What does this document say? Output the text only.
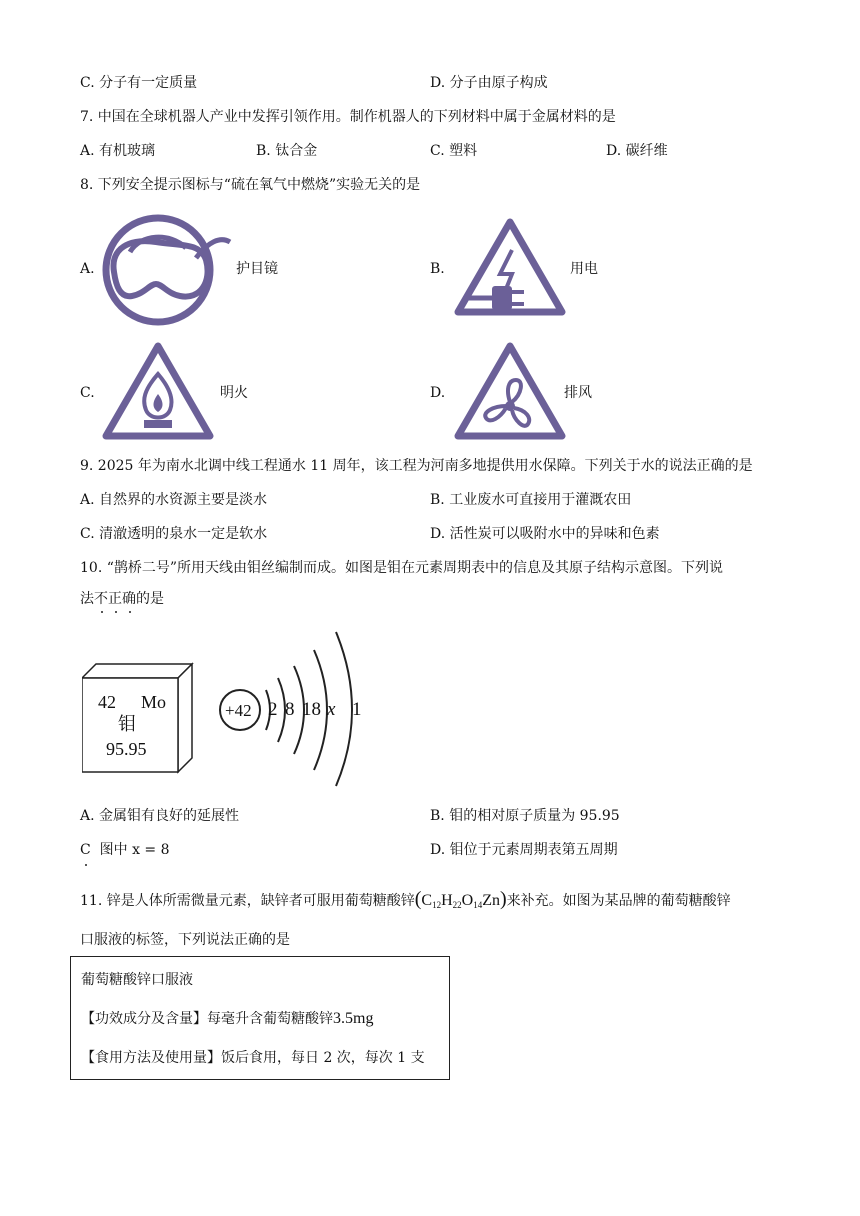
C. 分子有一定质量	D. 分子由原子构成
7. 中国在全球机器人产业中发挥引领作用。制作机器人的下列材料中属于金属材料的是
A. 有机玻璃	B. 钛合金	C. 塑料	D. 碳纤维
8. 下列安全提示图标与“硫在氧气中燃烧”实验无关的是
A.	护目镜	B.	用电
C.	明火	D.	排风
9. 2025 年为南水北调中线工程通水 11 周年，该工程为河南多地提供用水保障。下列关于水的说法正确的是
A. 自然界的水资源主要是淡水	B. 工业废水可直接用于灌溉农田
C. 清澈透明的泉水一定是软水	D. 活性炭可以吸附水中的异味和色素
10. “鹊桥二号”所用天线由钼丝编制而成。如图是钼在元素周期表中的信息及其原子结构示意图。下列说
法不
正
确
的是
42 Mo
钼
95.95
+42 2 8 18 x 1
A. 金属钼有良好的延展性	B. 钼的相对原子质量为 95.95
C 图中 x = 8	D. 钼位于元素周期表第五周期
11. 锌是人体所需微量元素，缺锌者可服用葡萄糖酸锌$(C_{12}H_{22}O_{14}Zn)$来补充。如图为某品牌的葡萄糖酸锌
口服液的标签，下列说法正确的是
葡萄糖酸锌口服液
【功效成分及含量】每毫升含葡萄糖酸锌3.5mg
【食用方法及使用量】饭后食用，每日 2 次，每次 1 支
